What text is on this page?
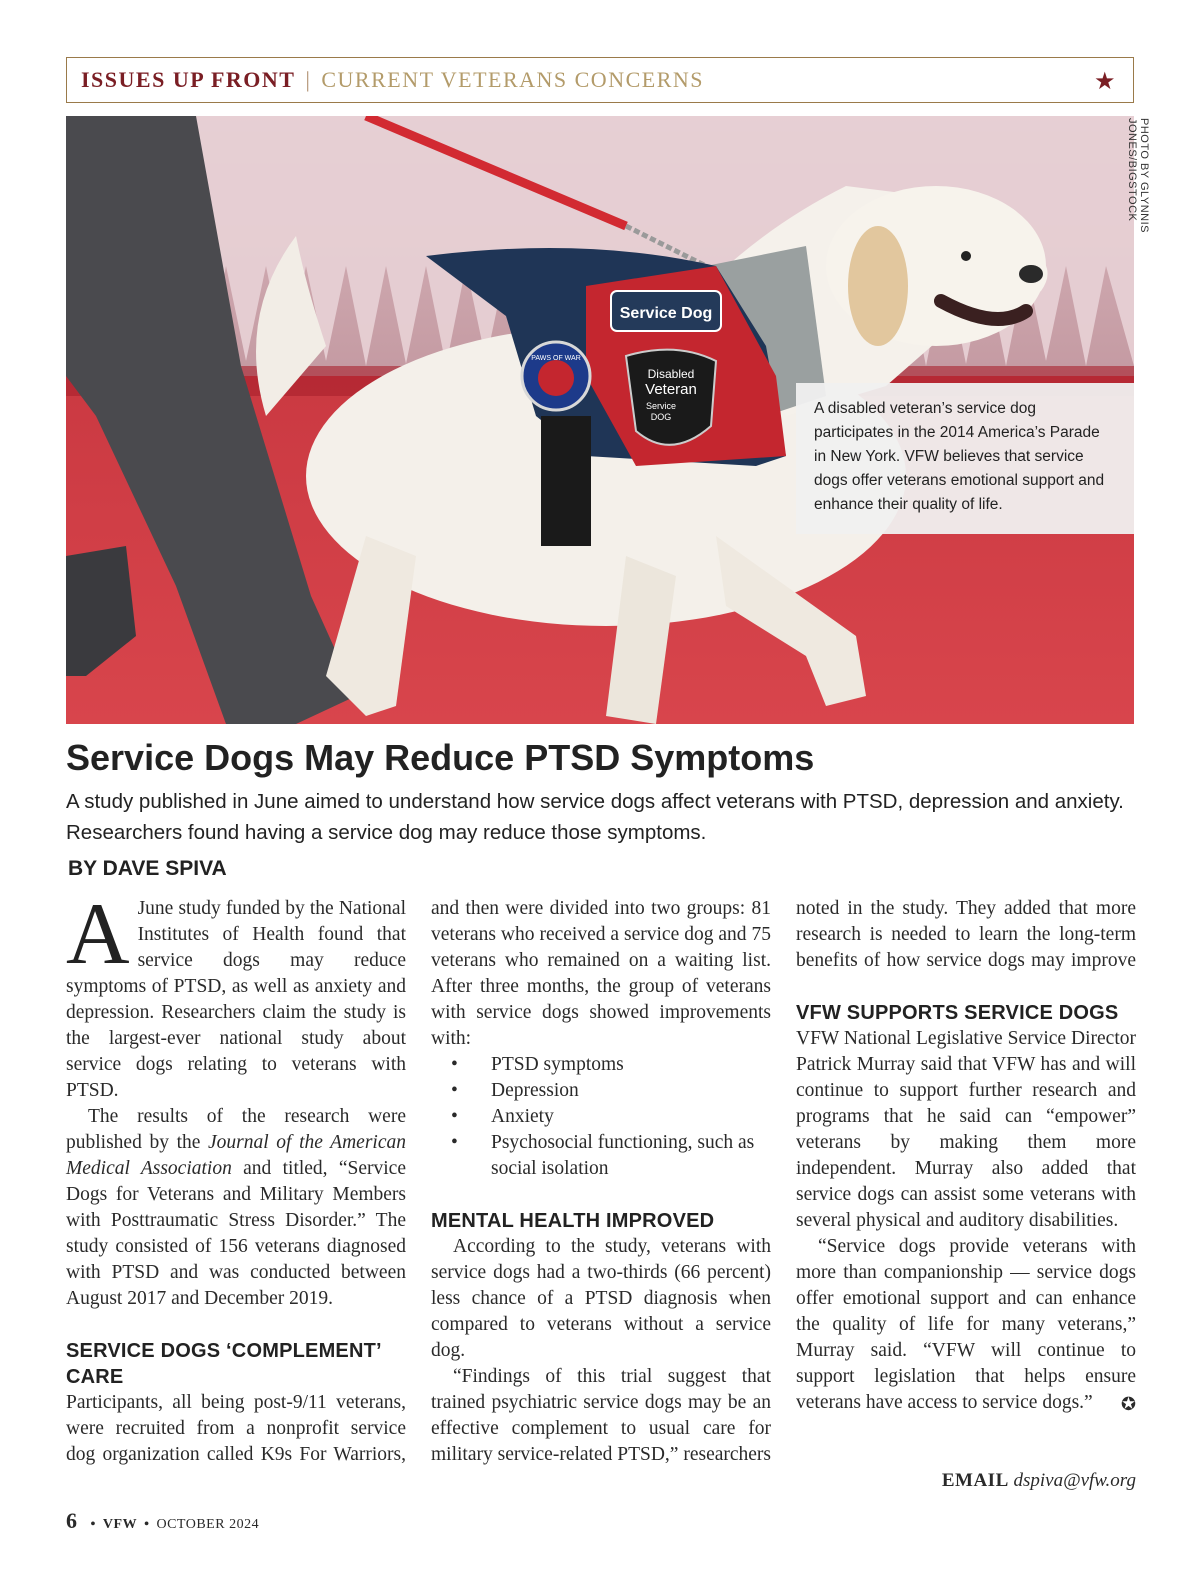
ISSUES UP FRONT | CURRENT VETERANS CONCERNS	★
Service Dog
Disabled
Veteran
Service
DOG
PAWS OF WAR
PHOTO BY GLYNNIS JONES/BIGSTOCK
A disabled veteran’s service dog participates in the 2014 America’s Parade in New York. VFW believes that service dogs offer veterans emotional support and enhance their quality of life.
Service Dogs May Reduce PTSD Symptoms
A study published in June aimed to understand how service dogs affect veterans with PTSD, depression and anxiety. Researchers found having a service dog may reduce those symptoms.
BY DAVE SPIVA

A June study funded by the National Institutes of Health found that service dogs may reduce symptoms of PTSD, as well as anxiety and depression. Researchers claim the study is the largest-ever national study about service dogs relating to veterans with PTSD.

The results of the research were published by the Journal of the American Medical Association and titled, “Service Dogs for Veterans and Military Members with Posttraumatic Stress Disorder.” The study consisted of 156 veterans diagnosed with PTSD and was conducted between August 2017 and December 2019.

SERVICE DOGS ‘COMPLEMENT’ CARE

Participants, all being post-9/11 veterans, were recruited from a nonprofit service dog organization called K9s For Warriors,

and then were divided into two groups: 81 veterans who received a service dog and 75 veterans who remained on a waiting list. After three months, the group of veterans with service dogs showed improvements with:

• PTSD symptoms
• Depression
• Anxiety
• Psychosocial functioning, such as social isolation
MENTAL HEALTH IMPROVED

According to the study, veterans with service dogs had a two-thirds (66 percent) less chance of a PTSD diagnosis when compared to veterans without a service dog.

“Findings of this trial suggest that trained psychiatric service dogs may be an effective complement to usual care for military service-related PTSD,” researchers

noted in the study. They added that more research is needed to learn the long-term benefits of how service dogs may improve

VFW SUPPORTS SERVICE DOGS

VFW National Legislative Service Director Patrick Murray said that VFW has and will continue to support further research and programs that he said can “empower” veterans by making them more independent. Murray also added that service dogs can assist some veterans with several physical and auditory disabilities.

“Service dogs provide veterans with more than companionship — service dogs offer emotional support and can enhance the quality of life for many veterans,” Murray said. “VFW will continue to support legislation that helps ensure veterans have access to service dogs.”	✪

EMAIL dspiva@vfw.org
6 • VFW • OCTOBER 2024
